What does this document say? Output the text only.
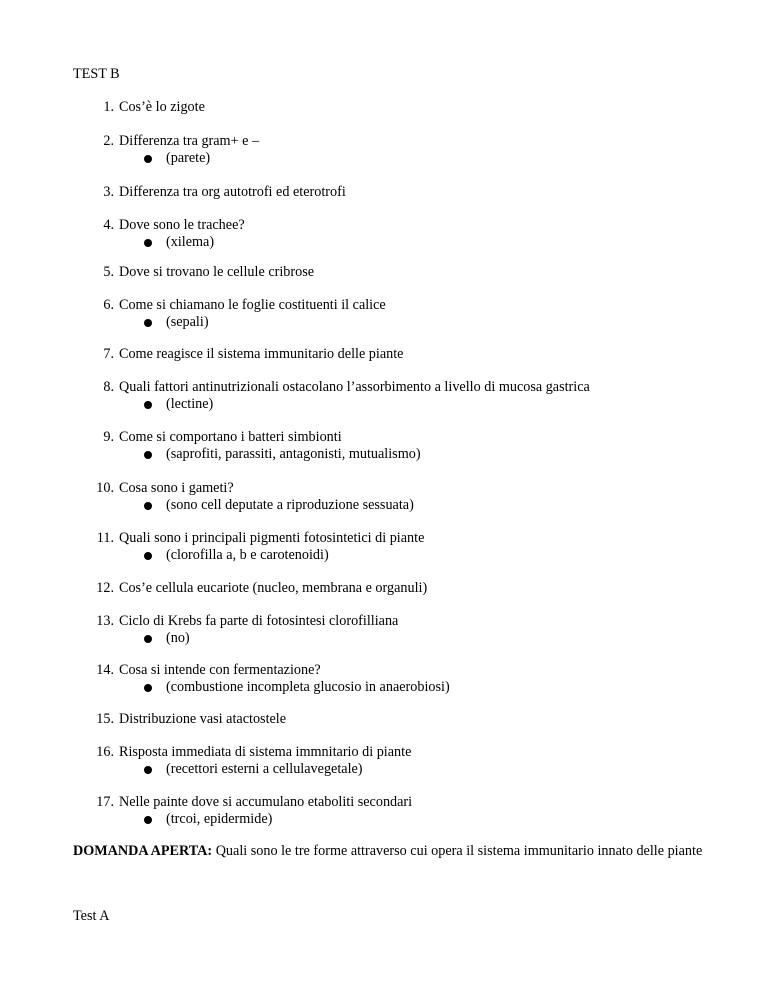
TEST B
1. Cos’è lo zigote
2. Differenza tra gram+ e –
(parete)
3. Differenza tra org autotrofi ed eterotrofi
4. Dove sono le trachee?
(xilema)
5. Dove si trovano le cellule cribrose
6. Come si chiamano le foglie costituenti il calice
(sepali)
7. Come reagisce il sistema immunitario delle piante
8. Quali fattori antinutrizionali ostacolano l’assorbimento a livello di mucosa gastrica
(lectine)
9. Come si comportano i batteri simbionti
(saprofiti, parassiti, antagonisti, mutualismo)
10. Cosa sono i gameti?
(sono cell deputate a riproduzione sessuata)
11. Quali sono i principali pigmenti fotosintetici di piante
(clorofilla a, b e carotenoidi)
12. Cos’e cellula eucariote (nucleo, membrana e organuli)
13. Ciclo di Krebs fa parte di fotosintesi clorofilliana
(no)
14. Cosa si intende con fermentazione?
(combustione incompleta glucosio in anaerobiosi)
15. Distribuzione vasi atactostele
16. Risposta immediata di sistema immnitario di piante
(recettori esterni a cellulavegetale)
17. Nelle painte dove si accumulano etaboliti secondari
(trcoi, epidermide)
DOMANDA APERTA: Quali sono le tre forme attraverso cui opera il sistema immunitario innato delle piante
Test A
